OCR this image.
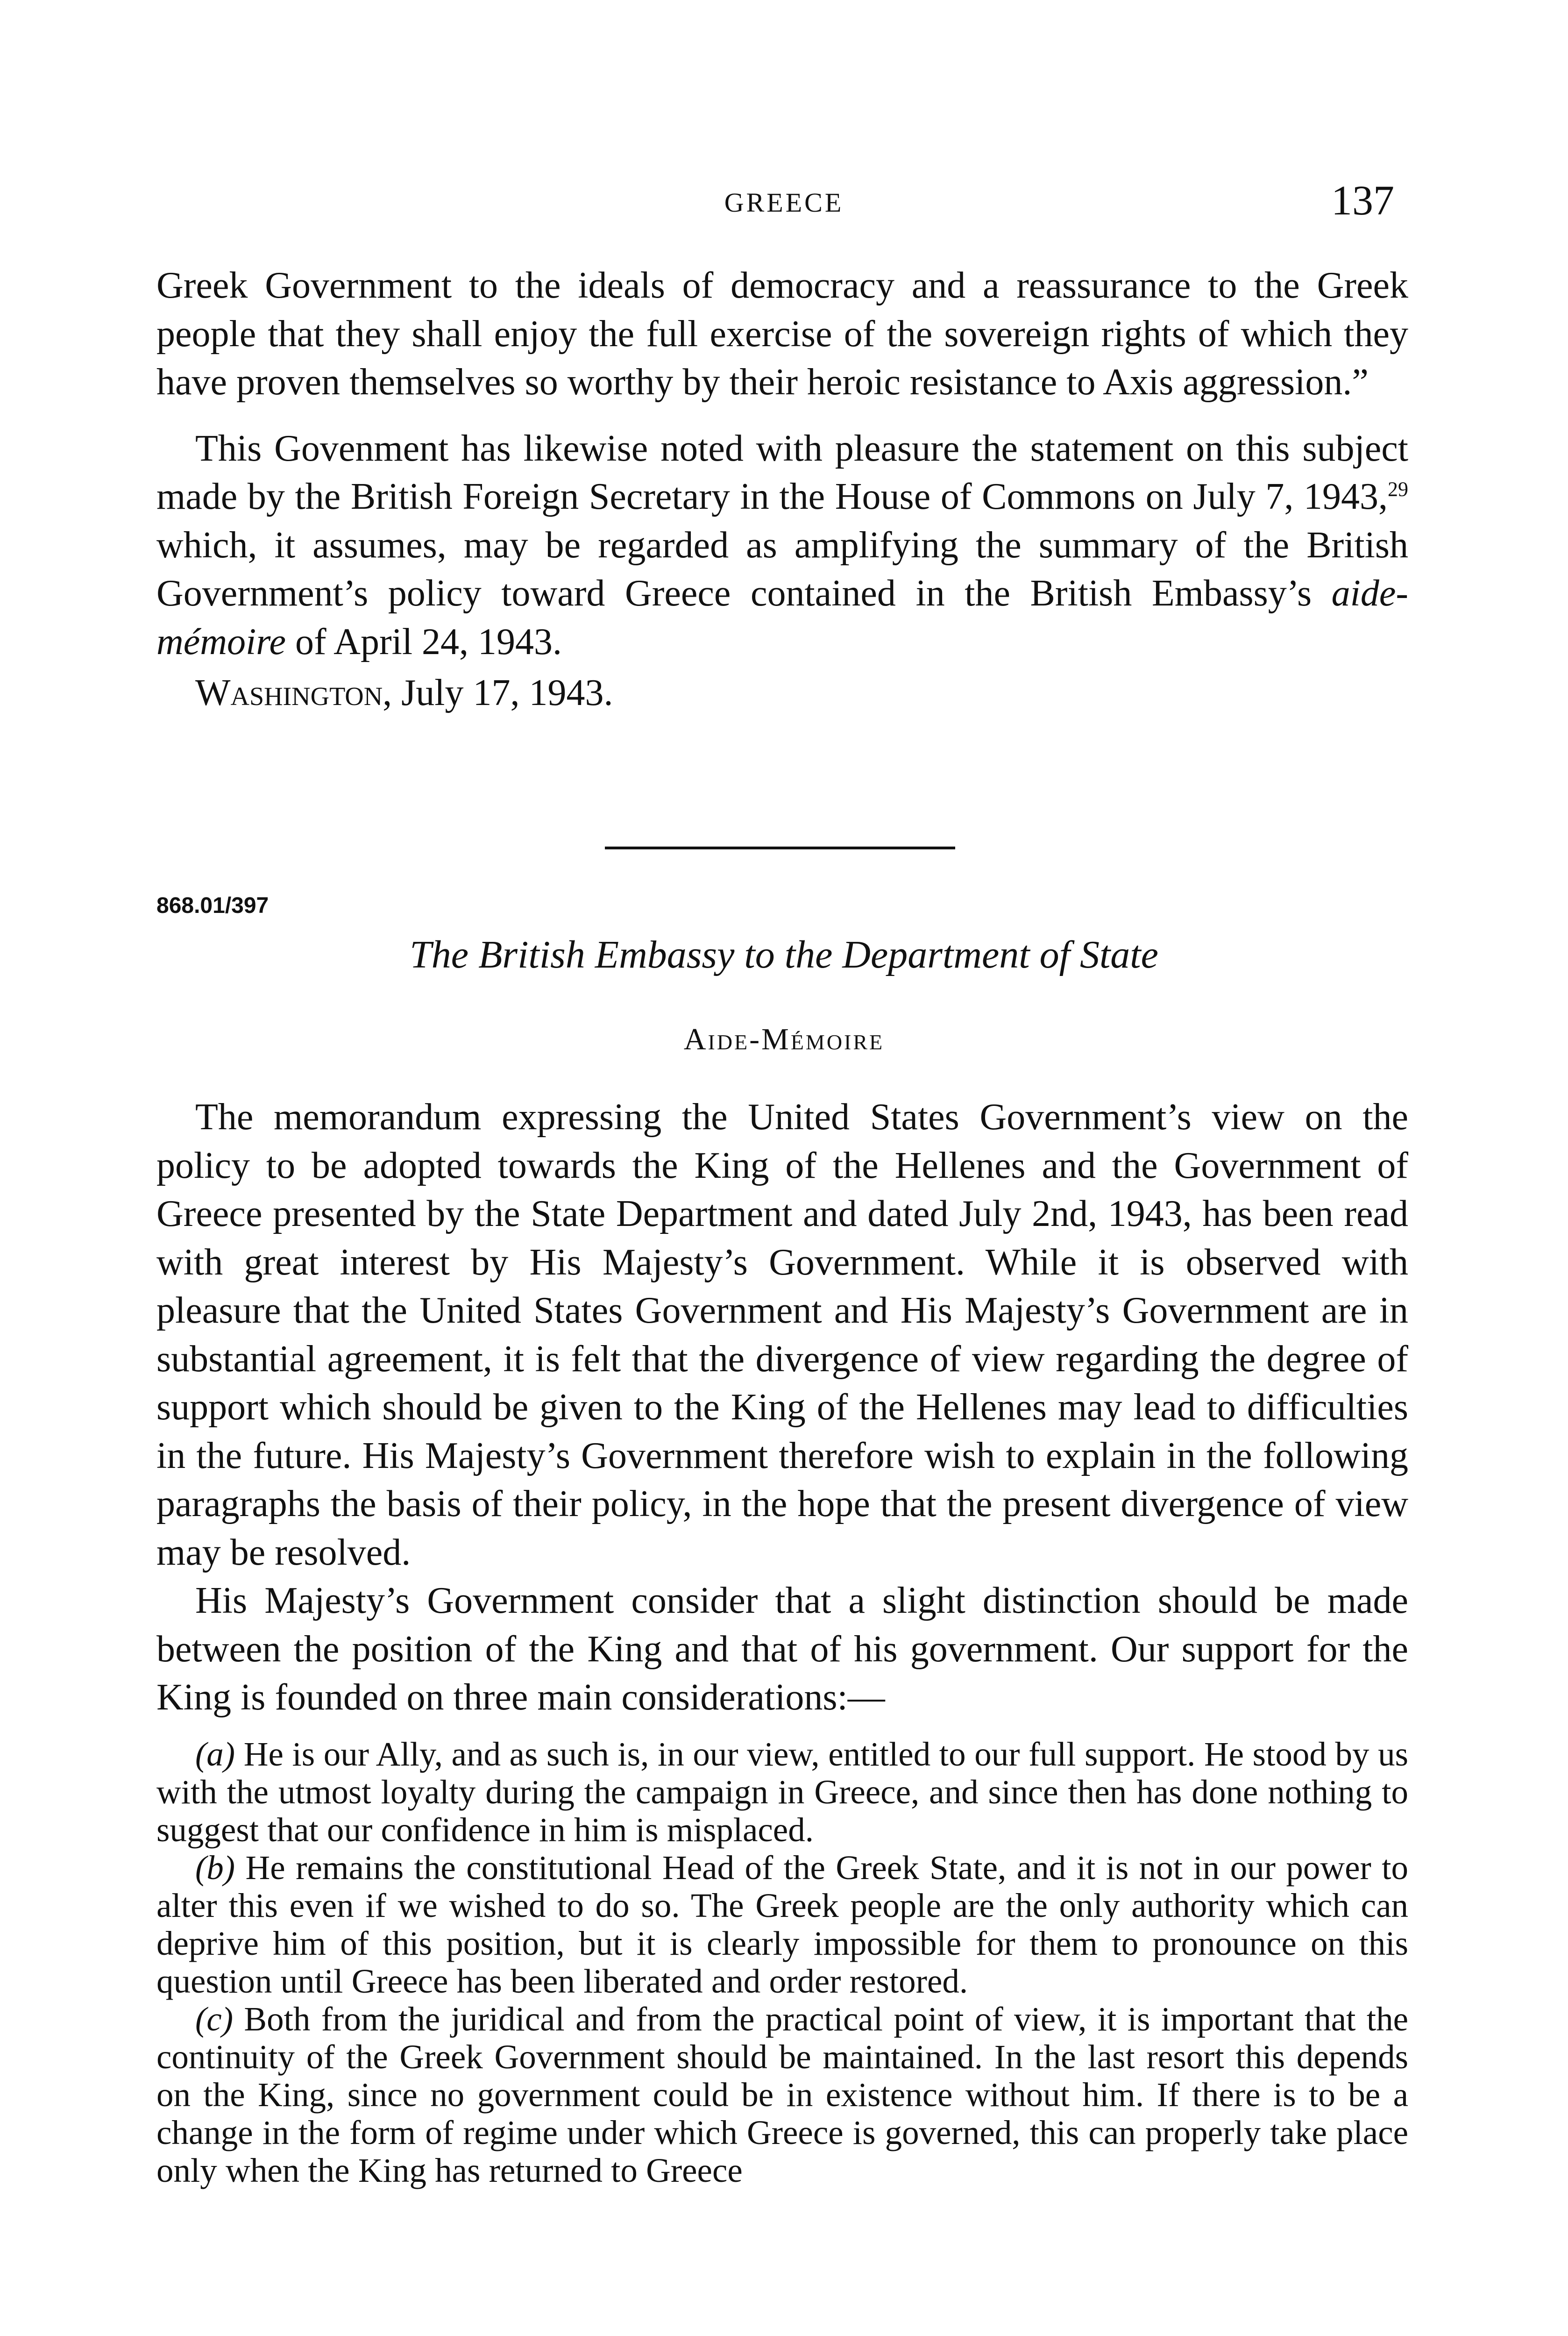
GREECE	137

Greek Government to the ideals of democracy and a reassurance to the Greek people that they shall enjoy the full exercise of the sovereign rights of which they have proven themselves so worthy by their heroic resistance to Axis aggression.”

This Govenment has likewise noted with pleasure the statement on this subject made by the British Foreign Secretary in the House of Commons on July 7, 1943,29 which, it assumes, may be regarded as amplifying the summary of the British Government’s policy toward Greece contained in the British Embassy’s aide-mémoire of April 24, 1943.

Washington, July 17, 1943.

868.01/397
The British Embassy to the Department of State
Aide-Mémoire

The memorandum expressing the United States Government’s view on the policy to be adopted towards the King of the Hellenes and the Government of Greece presented by the State Department and dated July 2nd, 1943, has been read with great interest by His Majesty’s Government. While it is observed with pleasure that the United States Government and His Majesty’s Government are in substantial agreement, it is felt that the divergence of view regarding the degree of support which should be given to the King of the Hellenes may lead to difficulties in the future. His Majesty’s Government therefore wish to explain in the following paragraphs the basis of their policy, in the hope that the present divergence of view may be resolved.

His Majesty’s Government consider that a slight distinction should be made between the position of the King and that of his government. Our support for the King is founded on three main considerations:—

(a) He is our Ally, and as such is, in our view, entitled to our full support. He stood by us with the utmost loyalty during the campaign in Greece, and since then has done nothing to suggest that our confidence in him is misplaced.

(b) He remains the constitutional Head of the Greek State, and it is not in our power to alter this even if we wished to do so. The Greek people are the only authority which can deprive him of this position, but it is clearly impossible for them to pronounce on this question until Greece has been liberated and order restored.

(c) Both from the juridical and from the practical point of view, it is important that the continuity of the Greek Government should be maintained. In the last resort this depends on the King, since no government could be in existence without him. If there is to be a change in the form of regime under which Greece is governed, this can properly take place only when the King has returned to Greece
